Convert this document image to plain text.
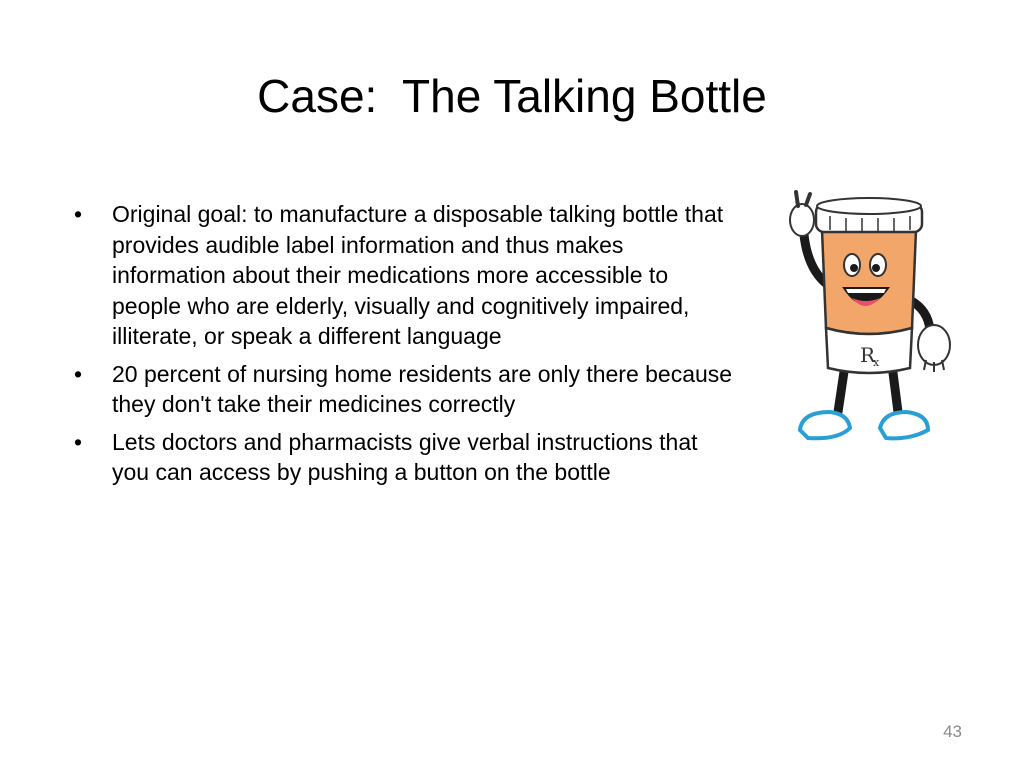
Case:  The Talking Bottle
• Original goal: to manufacture a disposable talking bottle that provides audible label information and thus makes information about their medications more accessible to people who are elderly, visually and cognitively impaired, illiterate, or speak a different language
• 20 percent of nursing home residents are only there because they don't take their medicines correctly
• Lets doctors and pharmacists give verbal instructions that you can access by pushing a button on the bottle
R
x
43
